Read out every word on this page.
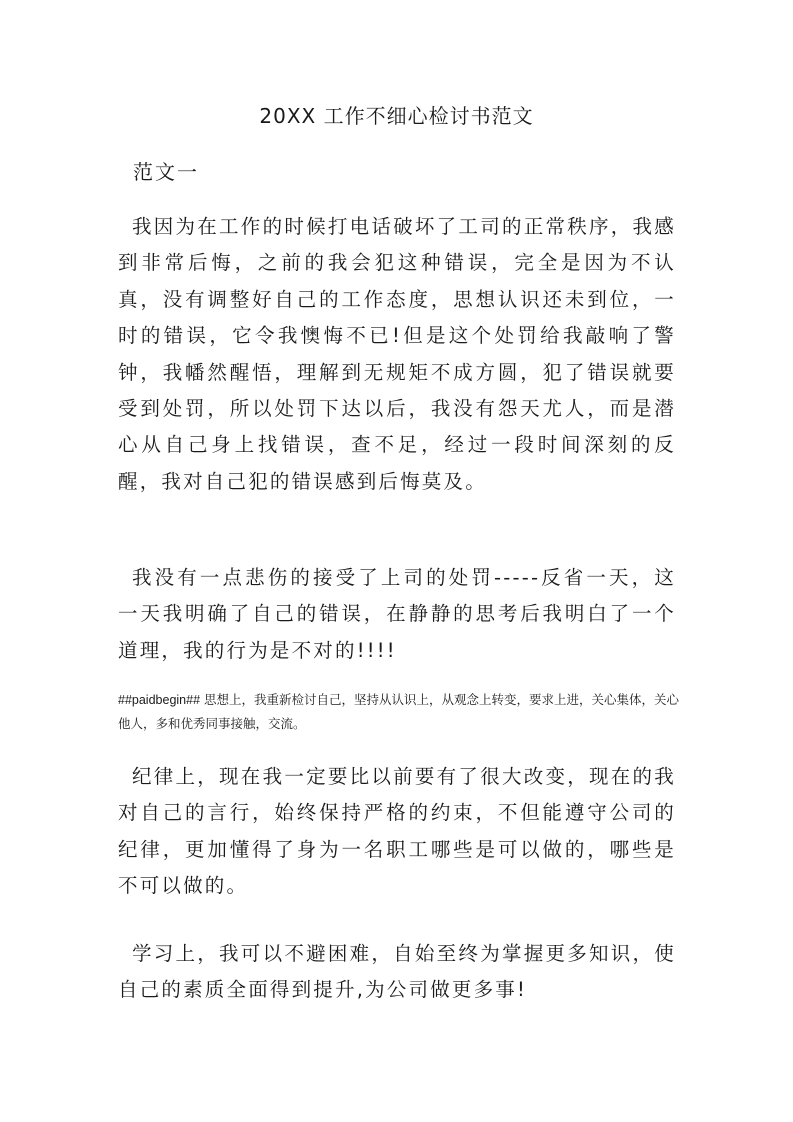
20XX 工作不细心检讨书范文
范文一
我因为在工作的时候打电话破坏了工司的正常秩序，我感到非常后悔，之前的我会犯这种错误，完全是因为不认真，没有调整好自己的工作态度，思想认识还未到位，一时的错误，它令我懊悔不已!但是这个处罚给我敲响了警钟，我幡然醒悟，理解到无规矩不成方圆，犯了错误就要受到处罚，所以处罚下达以后，我没有怨天尤人，而是潜心从自己身上找错误，查不足，经过一段时间深刻的反醒，我对自己犯的错误感到后悔莫及。
我没有一点悲伤的接受了上司的处罚-----反省一天，这一天我明确了自己的错误，在静静的思考后我明白了一个道理，我的行为是不对的!!!!
##paidbegin## 思想上，我重新检讨自己，坚持从认识上，从观念上转变，要求上进，关心集体，关心他人，多和优秀同事接触，交流。
纪律上，现在我一定要比以前要有了很大改变，现在的我对自己的言行，始终保持严格的约束，不但能遵守公司的纪律，更加懂得了身为一名职工哪些是可以做的，哪些是不可以做的。
学习上，我可以不避困难，自始至终为掌握更多知识，使自己的素质全面得到提升,为公司做更多事!
